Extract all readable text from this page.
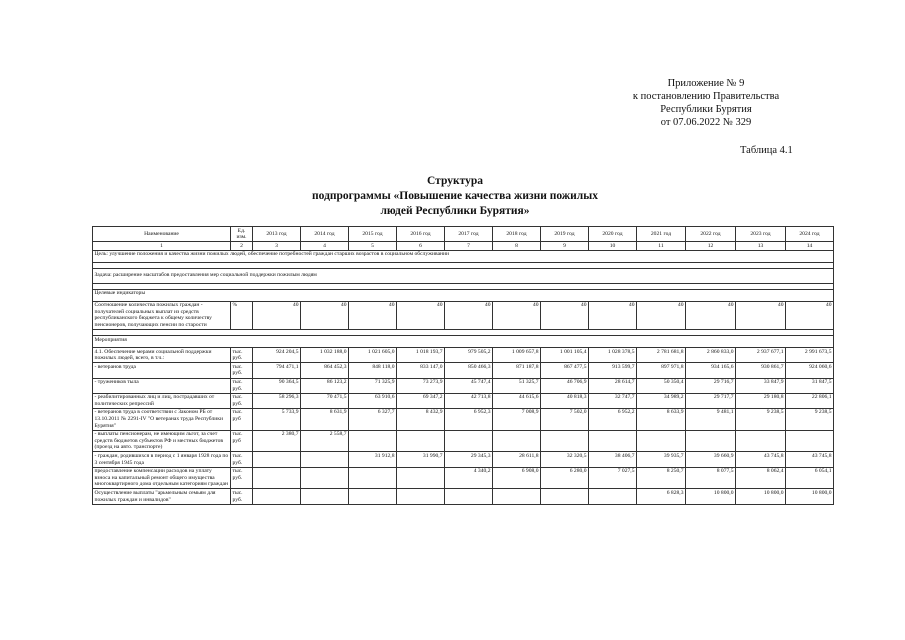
Приложение № 9
к постановлению Правительства
Республики Бурятия
от 07.06.2022 № 329
Таблица 4.1
Структура
подпрограммы «Повышение качества жизни пожилых
людей Республики Бурятия»
Наименование	Ед. изм.	2013 год	2014 год	2015 год	2016 год	2017 год	2018 год	2019 год	2020 год	2021 год	2022 год	2023 год	2024 год
1	2	3	4	5	6	7	8	9	10	11	12	13	14
Цель: улучшение положения и качества жизни пожилых людей, обеспечение потребностей граждан старших возрастов в социальном обслуживании													

Задача: расширение масштабов предоставления мер социальной поддержки пожилым людям													

Целевые индикаторы													
Соотношение количества пожилых граждан - получателей социальных выплат из средств республиканского бюджета к общему количеству пенсионеров, получающих пенсии по старости	%	40	40	40	40	40	40	40	40	40	40	40	40

Мероприятия													
4.1. Обеспечение мерами социальной поддержки пожилых людей, всего, в т.ч.:	тыс. руб.	924 204,5	1 032 188,0	1 021 605,0	1 018 193,7	979 505,2	1 009 657,8	1 001 105,4	1 028 378,5	2 781 681,8	2 860 833,0	2 937 677,1	2 991 673,5
- ветеранов труда	тыс. руб.	794 471,1	864 452,3	848 118,0	833 147,0	850 466,3	871 187,8	867 477,5	913 599,7	897 971,8	934 165,6	930 861,7	924 060,6
- тружеников тыла	тыс. руб.	90 364,5	86 123,2	71 325,9	73 273,9	45 747,4	51 325,7	46 706,9	28 614,7	50 350,4	29 716,7	33 847,9	31 847,5
- реабилитированных лиц и лиц, пострадавших от политических репрессий	тыс. руб.	58 296,3	70 471,5	63 910,6	69 347,2	42 713,8	44 615,6	40 818,3	32 747,7	34 989,2	29 717,7	29 180,8	22 806,1
- ветеранов труда в соответствии с Законом РБ от 13.10.2011 № 2291-IV "О ветеранах труда Республики Бурятия"	тыс. руб	5 733,9	8 631,9	6 327,7	8 432,9	6 952,3	7 008,9	7 502,0	6 952,2	8 633,9	9 481,1	9 238,5	9 238,5
- выплаты пенсионерам, не имеющим льгот, за счет средств бюджетов субъектов РФ и местных бюджетов (проезд на авто. транспорте)	тыс. руб	2 380,7	2 558,7										
- граждан, родившихся в период с 1 января 1928 года по 3 сентября 1945 года	тыс. руб.			31 912,8	31 990,7	29 345,3	28 611,8	32 320,5	38 406,7	39 935,7	39 660,9	43 745,8	43 745,8
предоставление компенсации расходов на уплату взноса на капитальный ремонт общего имущества многоквартирного дома отдельным категориям граждан	тыс. руб.					4 340,2	6 908,0	6 280,0	7 027,5	8 250,7	8 077,5	8 062,4	6 054,1
Осуществление выплаты "арьмельным семьям для пожилых граждан и инвалидов"	тыс. руб.									6 828,3	10 800,0	10 800,0	10 800,0
